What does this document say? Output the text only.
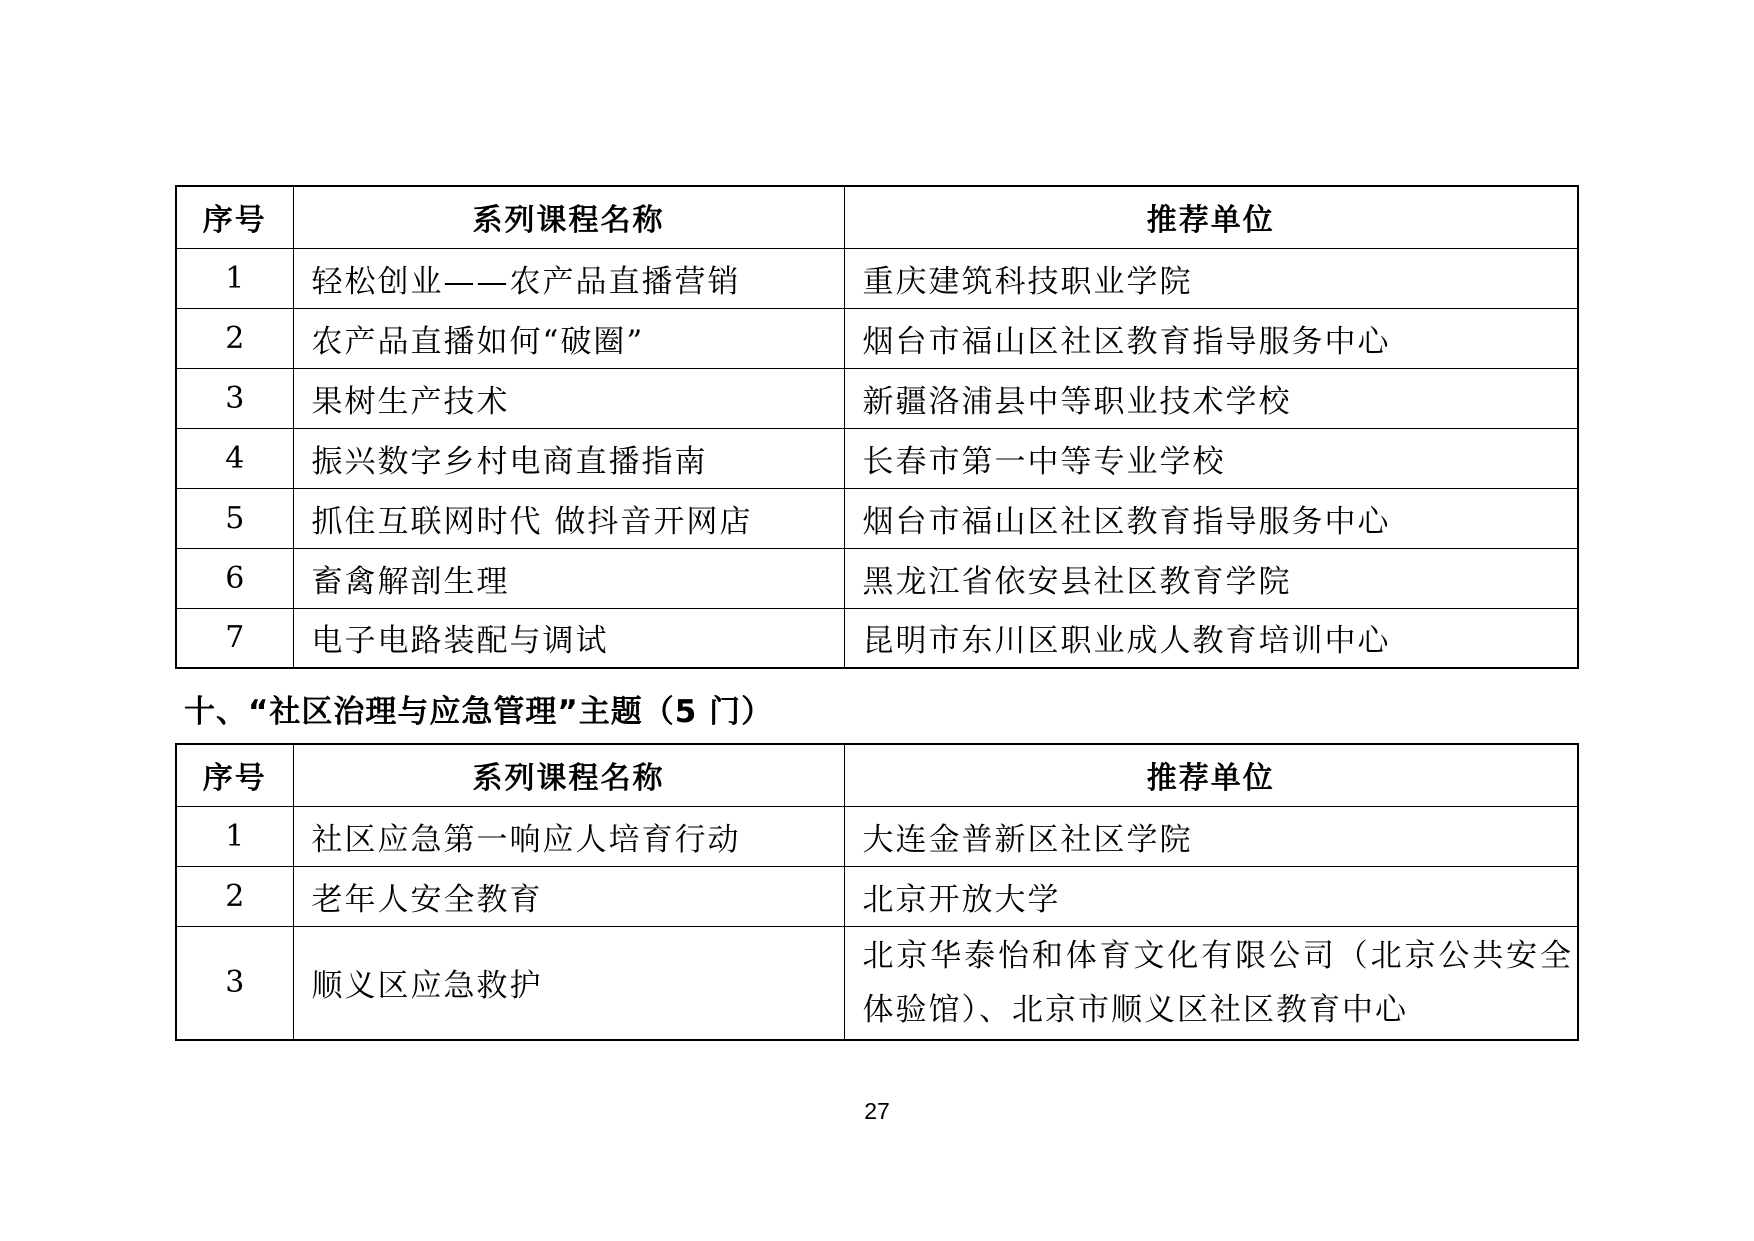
序号	系列课程名称	推荐单位
1	轻松创业——农产品直播营销	重庆建筑科技职业学院
2	农产品直播如何“破圈”	烟台市福山区社区教育指导服务中心
3	果树生产技术	新疆洛浦县中等职业技术学校
4	振兴数字乡村电商直播指南	长春市第一中等专业学校
5	抓住互联网时代 做抖音开网店	烟台市福山区社区教育指导服务中心
6	畜禽解剖生理	黑龙江省依安县社区教育学院
7	电子电路装配与调试	昆明市东川区职业成人教育培训中心
十、“社区治理与应急管理”主题（5 门）
序号	系列课程名称	推荐单位
1	社区应急第一响应人培育行动	大连金普新区社区学院
2	老年人安全教育	北京开放大学
3	顺义区应急救护	北京华泰怡和体育文化有限公司（北京公共安全体验馆）、北京市顺义区社区教育中心
27
